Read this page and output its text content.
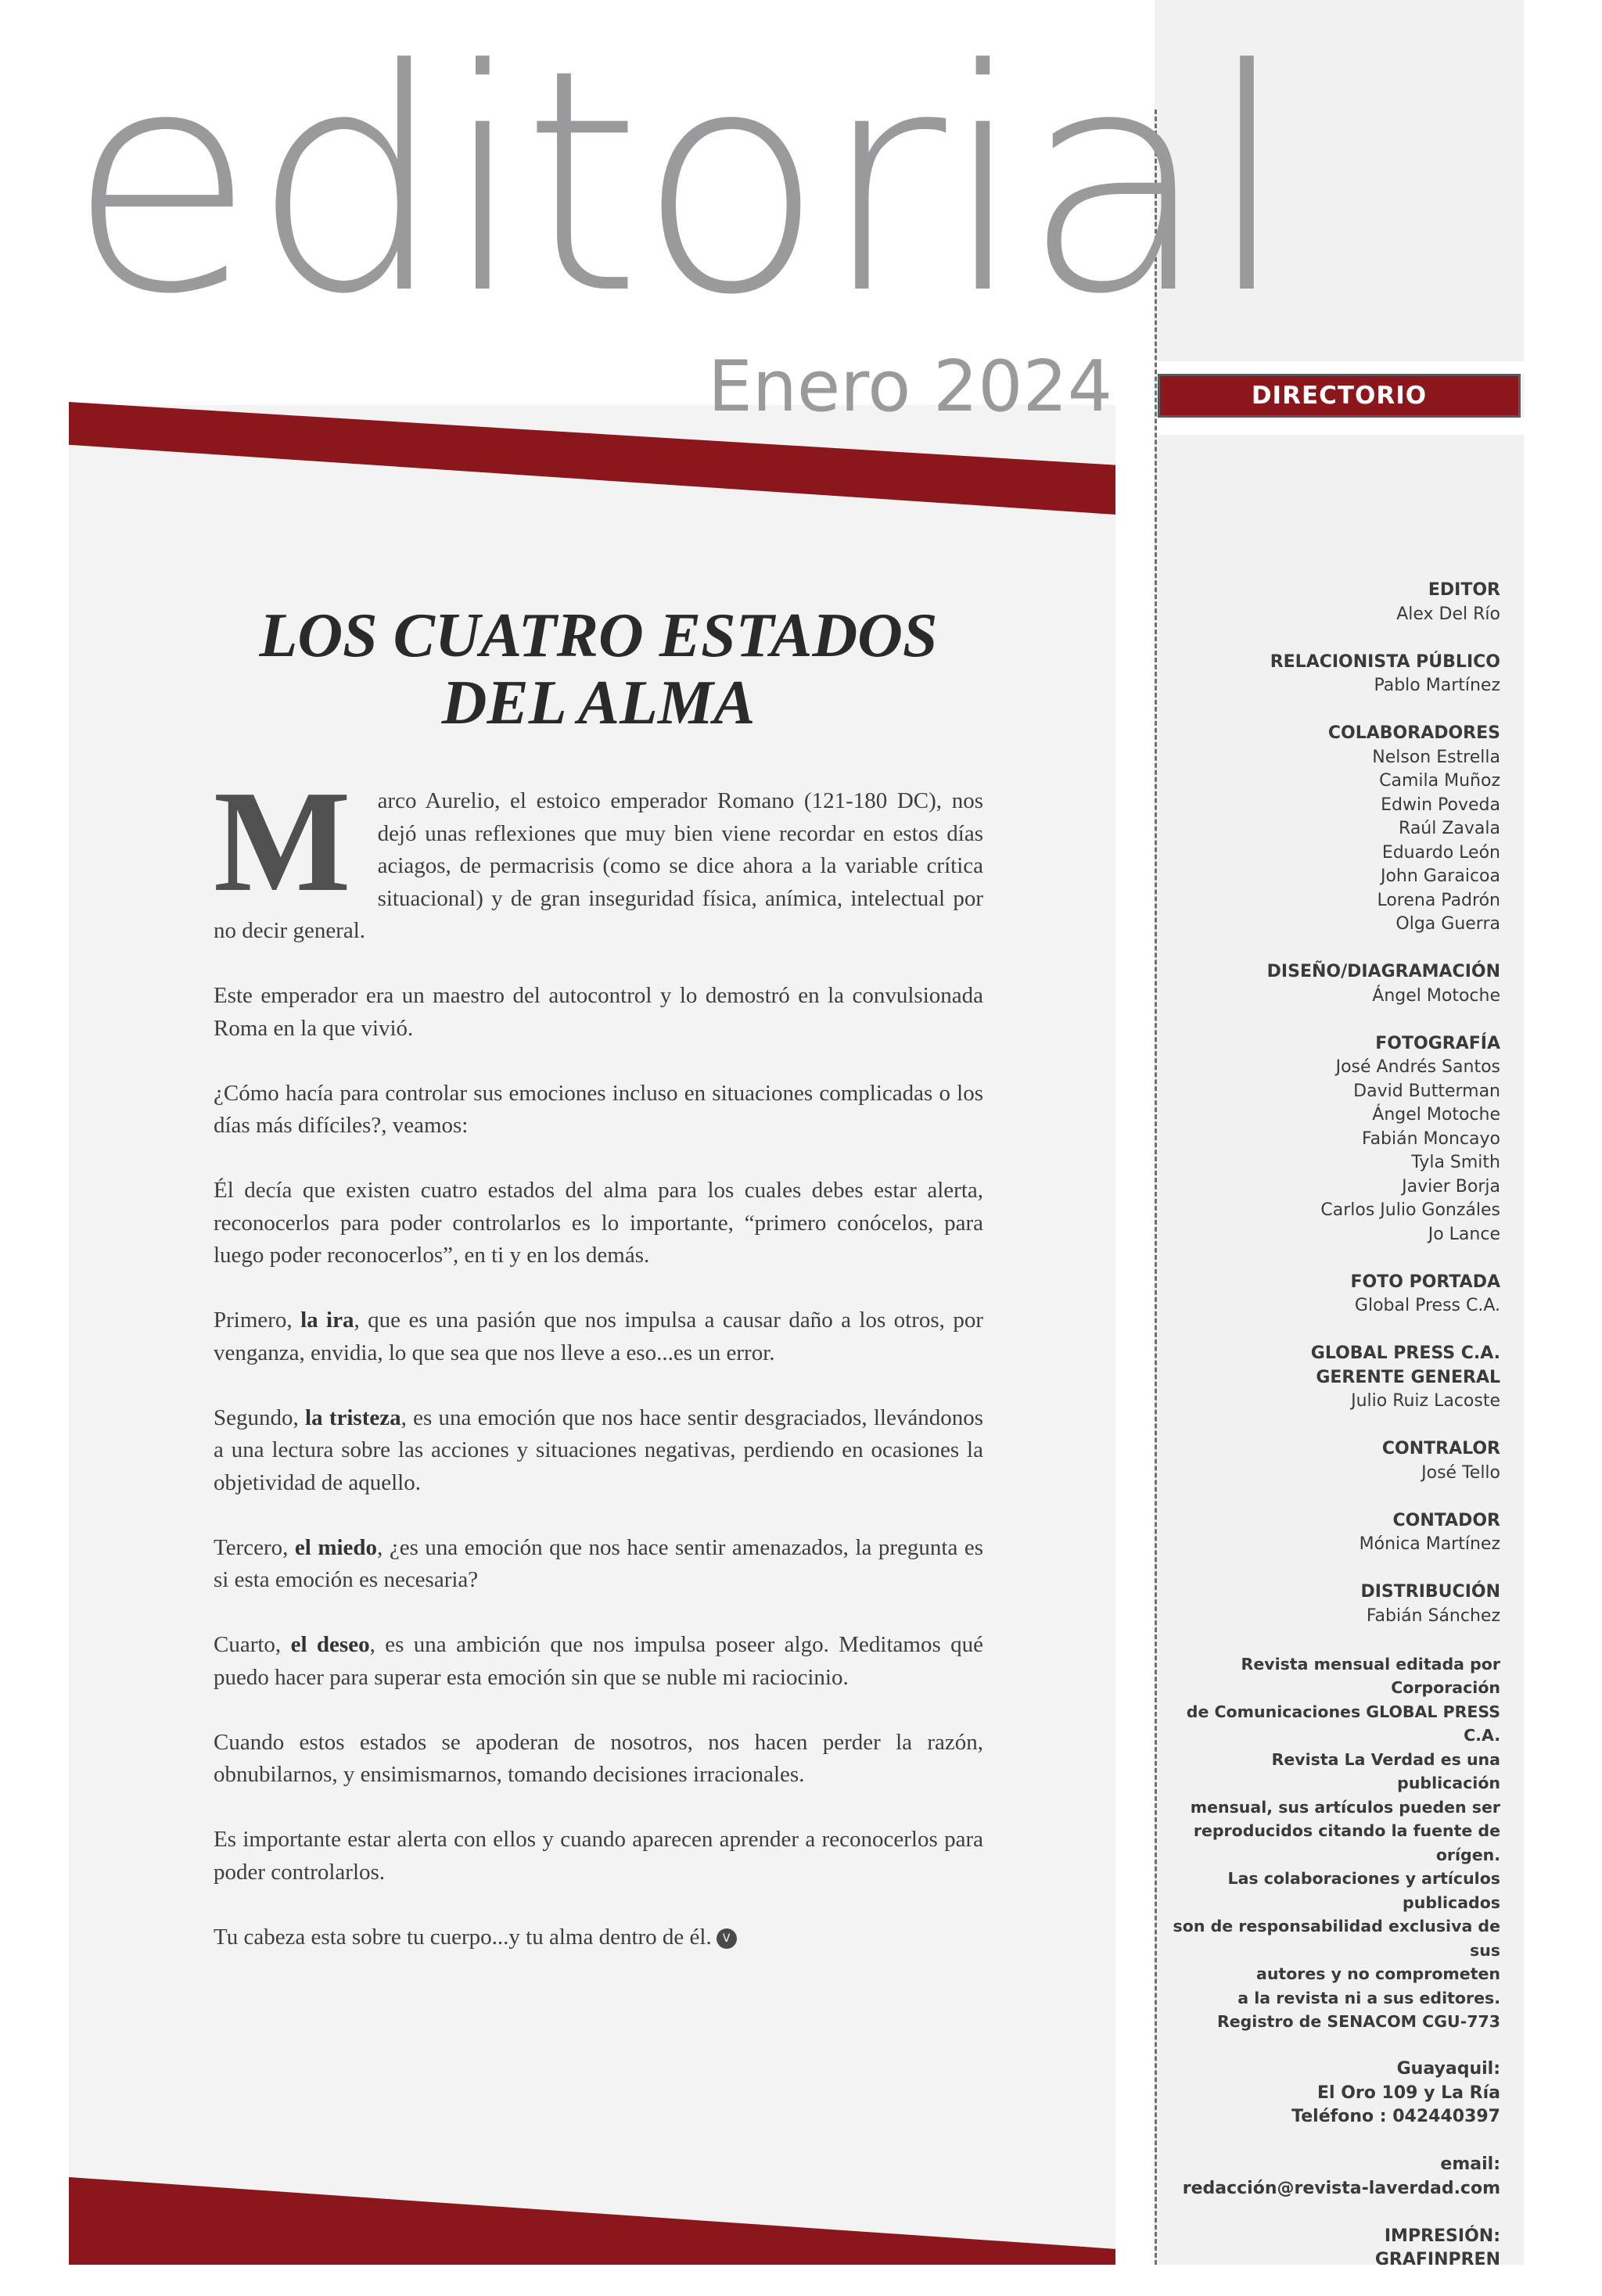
editorial
Enero 2024
LOS CUATRO ESTADOS
DEL ALMA

M arco Aurelio, el estoico emperador Romano (121-180 DC), nos dejó unas reflexiones que muy bien viene recordar en estos días aciagos, de permacrisis (como se dice ahora a la variable crítica situacional) y de gran inseguridad física, anímica, intelectual por no decir general.

Este emperador era un maestro del autocontrol y lo demostró en la convulsionada Roma en la que vivió.

¿Cómo hacía para controlar sus emociones incluso en situaciones complicadas o los días más difíciles?, veamos:

Él decía que existen cuatro estados del alma para los cuales debes estar alerta, reconocerlos para poder controlarlos es lo importante, “primero conócelos, para luego poder reconocerlos”, en ti y en los demás.

Primero, la ira, que es una pasión que nos impulsa a causar daño a los otros, por venganza, envidia, lo que sea que nos lleve a eso...es un error.

Segundo, la tristeza, es una emoción que nos hace sentir desgraciados, llevándonos a una lectura sobre las acciones y situaciones negativas, perdiendo en ocasiones la objetividad de aquello.

Tercero, el miedo, ¿es una emoción que nos hace sentir amenazados, la pregunta es si esta emoción es necesaria?

Cuarto, el deseo, es una ambición que nos impulsa poseer algo. Meditamos qué puedo hacer para superar esta emoción sin que se nuble mi raciocinio.

Cuando estos estados se apoderan de nosotros, nos hacen perder la razón, obnubilarnos, y ensimismarnos, tomando decisiones irracionales.

Es importante estar alerta con ellos y cuando aparecen aprender a reconocerlos para poder controlarlos.

Tu cabeza esta sobre tu cuerpo...y tu alma dentro de él. V

DIRECTORIO
EDITOR
Alex Del Río
RELACIONISTA PÚBLICO
Pablo Martínez
COLABORADORES
Nelson Estrella
Camila Muñoz
Edwin Poveda
Raúl Zavala
Eduardo León
John Garaicoa
Lorena Padrón
Olga Guerra
DISEÑO/DIAGRAMACIÓN
Ángel Motoche
FOTOGRAFÍA
José Andrés Santos
David Butterman
Ángel Motoche
Fabián Moncayo
Tyla Smith
Javier Borja
Carlos Julio Gonzáles
Jo Lance
FOTO PORTADA
Global Press C.A.
GLOBAL PRESS C.A.
GERENTE GENERAL
Julio Ruiz Lacoste
CONTRALOR
José Tello
CONTADOR
Mónica Martínez
DISTRIBUCIÓN
Fabián Sánchez
Revista mensual editada por Corporación
de Comunicaciones GLOBAL PRESS C.A.
Revista La Verdad es una publicación
mensual, sus artículos pueden ser
reproducidos citando la fuente de orígen.
Las colaboraciones y artículos publicados
son de responsabilidad exclusiva de sus
autores y no comprometen
a la revista ni a sus editores.
Registro de SENACOM CGU-773
Guayaquil:
El Oro 109 y La Ría
Teléfono : 042440397
email:
redacción@revista-laverdad.com
IMPRESIÓN:
GRAFINPREN
